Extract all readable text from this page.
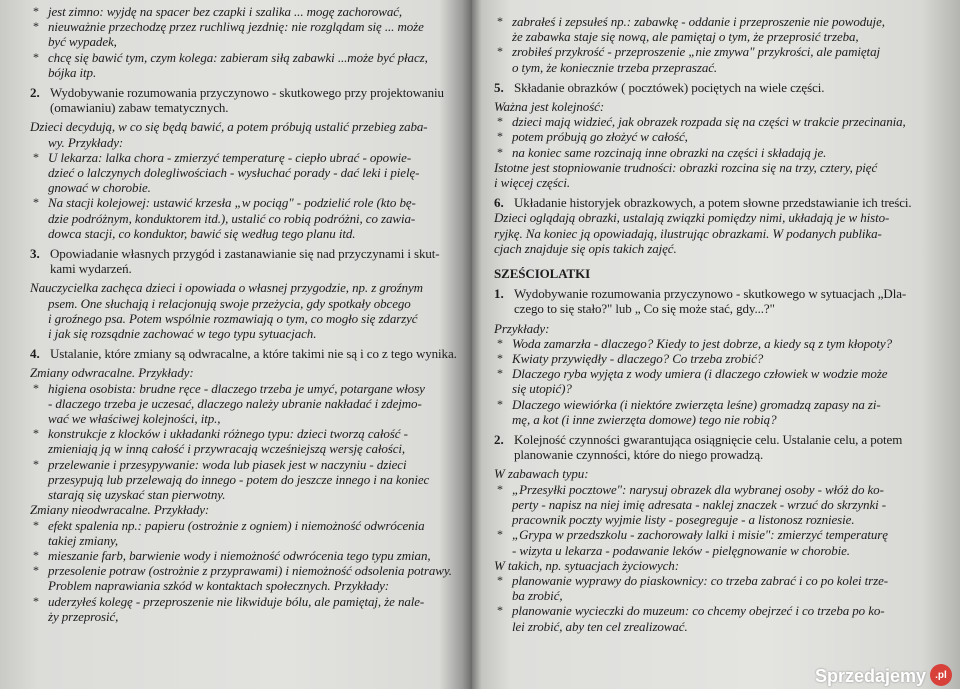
* jest zimno: wyjdę na spacer bez czapki i szalika ... mogę zachorować,
* nieuważnie przechodzę przez ruchliwą jezdnię: nie rozglądam się ... może
być wypadek,
* chcę się bawić tym, czym kolega: zabieram siłą zabawki ...może być płacz,
bójka itp.
2. Wydobywanie rozumowania przyczynowo - skutkowego przy projektowaniu
(omawianiu) zabaw tematycznych.
Dzieci decydują, w co się będą bawić, a potem próbują ustalić przebieg zaba-
wy. Przykłady:
* U lekarza: lalka chora - zmierzyć temperaturę - ciepło ubrać - opowie-
dzieć o lalczynych dolegliwościach - wysłuchać porady - dać leki i pielę-
gnować w chorobie.
* Na stacji kolejowej: ustawić krzesła „w pociąg" - podzielić role (kto bę-
dzie podróżnym, konduktorem itd.), ustalić co robią podróżni, co zawia-
dowca stacji, co konduktor, bawić się według tego planu itd.
3. Opowiadanie własnych przygód i zastanawianie się nad przyczynami i skut-
kami wydarzeń.
Nauczycielka zachęca dzieci i opowiada o własnej przygodzie, np. z groźnym
psem. One słuchają i relacjonują swoje przeżycia, gdy spotkały obcego
i groźnego psa. Potem wspólnie rozmawiają o tym, co mogło się zdarzyć
i jak się rozsądnie zachować w tego typu sytuacjach.
4. Ustalanie, które zmiany są odwracalne, a które takimi nie są i co z tego wynika.
Zmiany odwracalne. Przykłady:
* higiena osobista: brudne ręce - dlaczego trzeba je umyć, potargane włosy
- dlaczego trzeba je uczesać, dlaczego należy ubranie nakładać i zdejmo-
wać we właściwej kolejności, itp.,
* konstrukcje z klocków i układanki różnego typu: dzieci tworzą całość -
zmieniają ją w inną całość i przywracają wcześniejszą wersję całości,
* przelewanie i przesypywanie: woda lub piasek jest w naczyniu - dzieci
przesypują lub przelewają do innego - potem do jeszcze innego i na koniec
starają się uzyskać stan pierwotny.
Zmiany nieodwracalne. Przykłady:
* efekt spalenia np.: papieru (ostrożnie z ogniem) i niemożność odwrócenia
takiej zmiany,
* mieszanie farb, barwienie wody i niemożność odwrócenia tego typu zmian,
* przesolenie potraw (ostrożnie z przyprawami) i niemożność odsolenia potrawy.
Problem naprawiania szkód w kontaktach społecznych. Przykłady:
* uderzyłeś kolegę - przeproszenie nie likwiduje bólu, ale pamiętaj, że nale-
ży przeprosić,
* zabrałeś i zepsułeś np.: zabawkę - oddanie i przeproszenie nie powoduje,
że zabawka staje się nową, ale pamiętaj o tym, że przeprosić trzeba,
* zrobiłeś przykrość - przeproszenie „nie zmywa" przykrości, ale pamiętaj
o tym, że koniecznie trzeba przepraszać.
5. Składanie obrazków ( pocztówek) pociętych na wiele części.
Ważna jest kolejność:
* dzieci mają widzieć, jak obrazek rozpada się na części w trakcie przecinania,
* potem próbują go złożyć w całość,
* na koniec same rozcinają inne obrazki na części i składają je.
Istotne jest stopniowanie trudności: obrazki rozcina się na trzy, cztery, pięć
i więcej części.
6. Układanie historyjek obrazkowych, a potem słowne przedstawianie ich treści.
Dzieci oglądają obrazki, ustalają związki pomiędzy nimi, układają je w histo-
ryjkę. Na koniec ją opowiadają, ilustrując obrazkami. W podanych publika-
cjach znajduje się opis takich zajęć.
SZEŚCIOLATKI
1. Wydobywanie rozumowania przyczynowo - skutkowego w sytuacjach „Dla-
czego to się stało?" lub „ Co się może stać, gdy...?"
Przykłady:
* Woda zamarzła - dlaczego? Kiedy to jest dobrze, a kiedy są z tym kłopoty?
* Kwiaty przywiędły - dlaczego? Co trzeba zrobić?
* Dlaczego ryba wyjęta z wody umiera (i dlaczego człowiek w wodzie może
się utopić)?
* Dlaczego wiewiórka (i niektóre zwierzęta leśne) gromadzą zapasy na zi-
mę, a kot (i inne zwierzęta domowe) tego nie robią?
2. Kolejność czynności gwarantująca osiągnięcie celu. Ustalanie celu, a potem
planowanie czynności, które do niego prowadzą.
W zabawach typu:
* „Przesyłki pocztowe": narysuj obrazek dla wybranej osoby - włóż do ko-
perty - napisz na niej imię adresata - naklej znaczek - wrzuć do skrzynki -
pracownik poczty wyjmie listy - posegreguje - a listonosz rozniesie.
* „Grypa w przedszkolu - zachorowały lalki i misie": zmierzyć temperaturę
- wizyta u lekarza - podawanie leków - pielęgnowanie w chorobie.
W takich, np. sytuacjach życiowych:
* planowanie wyprawy do piaskownicy: co trzeba zabrać i co po kolei trze-
ba zrobić,
* planowanie wycieczki do muzeum: co chcemy obejrzeć i co trzeba po ko-
lei zrobić, aby ten cel zrealizować.
Sprzedajemy .pl
